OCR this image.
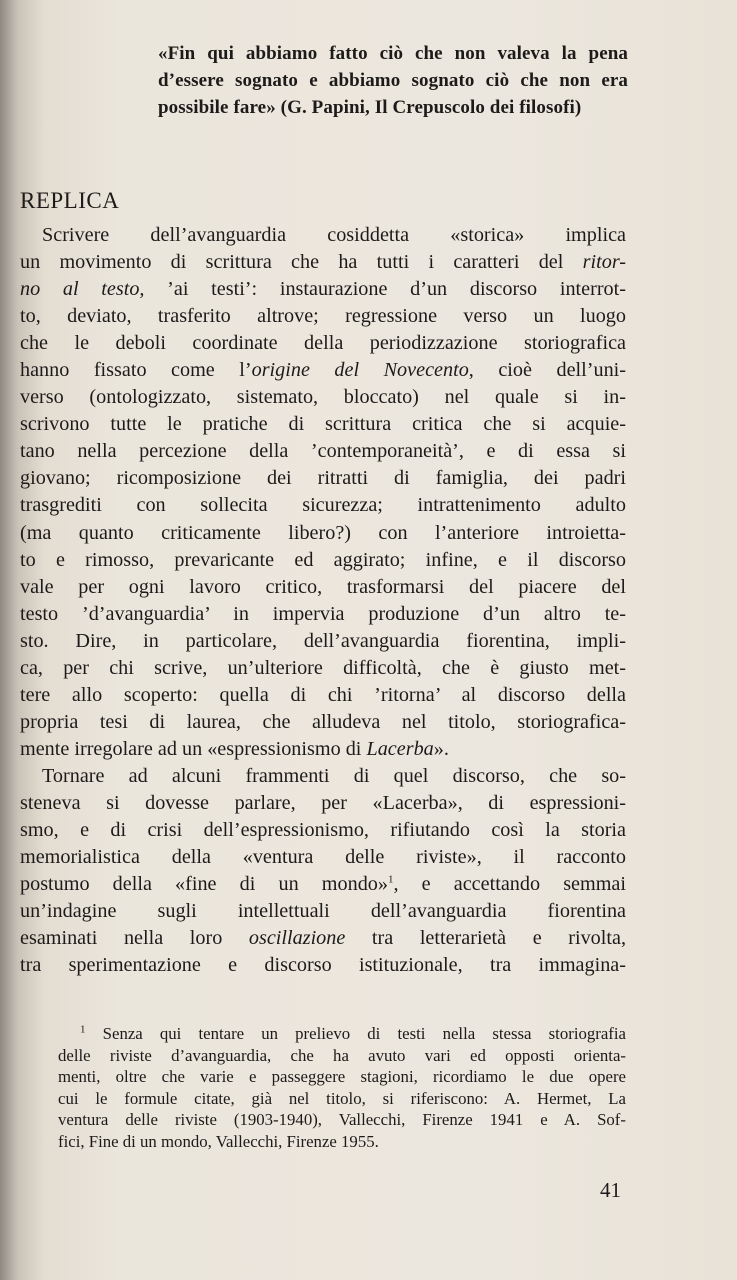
«Fin qui abbiamo fatto ciò che non valeva la pena d’essere sognato e abbiamo sognato ciò che non era possibile fare» (G. Papini, Il Crepuscolo dei filosofi)
REPLICA
Scrivere dell’avanguardia cosiddetta «storica» implica
un movimento di scrittura che ha tutti i caratteri del ritor-
no al testo, ’ai testi’: instaurazione d’un discorso interrot-
to, deviato, trasferito altrove; regressione verso un luogo
che le deboli coordinate della periodizzazione storiografica
hanno fissato come l’origine del Novecento, cioè dell’uni-
verso (ontologizzato, sistemato, bloccato) nel quale si in-
scrivono tutte le pratiche di scrittura critica che si acquie-
tano nella percezione della ’contemporaneità’, e di essa si
giovano; ricomposizione dei ritratti di famiglia, dei padri
trasgrediti con sollecita sicurezza; intrattenimento adulto
(ma quanto criticamente libero?) con l’anteriore introietta-
to e rimosso, prevaricante ed aggirato; infine, e il discorso
vale per ogni lavoro critico, trasformarsi del piacere del
testo ’d’avanguardia’ in impervia produzione d’un altro te-
sto. Dire, in particolare, dell’avanguardia fiorentina, impli-
ca, per chi scrive, un’ulteriore difficoltà, che è giusto met-
tere allo scoperto: quella di chi ’ritorna’ al discorso della
propria tesi di laurea, che alludeva nel titolo, storiografica-
mente irregolare ad un «espressionismo di Lacerba».
Tornare ad alcuni frammenti di quel discorso, che so-
steneva si dovesse parlare, per «Lacerba», di espressioni-
smo, e di crisi dell’espressionismo, rifiutando così la storia
memorialistica della «ventura delle riviste», il racconto
postumo della «fine di un mondo»$^1$, e accettando semmai
un’indagine sugli intellettuali dell’avanguardia fiorentina
esaminati nella loro oscillazione tra letterarietà e rivolta,
tra sperimentazione e discorso istituzionale, tra immagina-
$^1$ Senza qui tentare un prelievo di testi nella stessa storiografia
delle riviste d’avanguardia, che ha avuto vari ed opposti orienta-
menti, oltre che varie e passeggere stagioni, ricordiamo le due opere
cui le formule citate, già nel titolo, si riferiscono: A. Hermet, La
ventura delle riviste (1903-1940), Vallecchi, Firenze 1941 e A. Sof-
fici, Fine di un mondo, Vallecchi, Firenze 1955.
41
